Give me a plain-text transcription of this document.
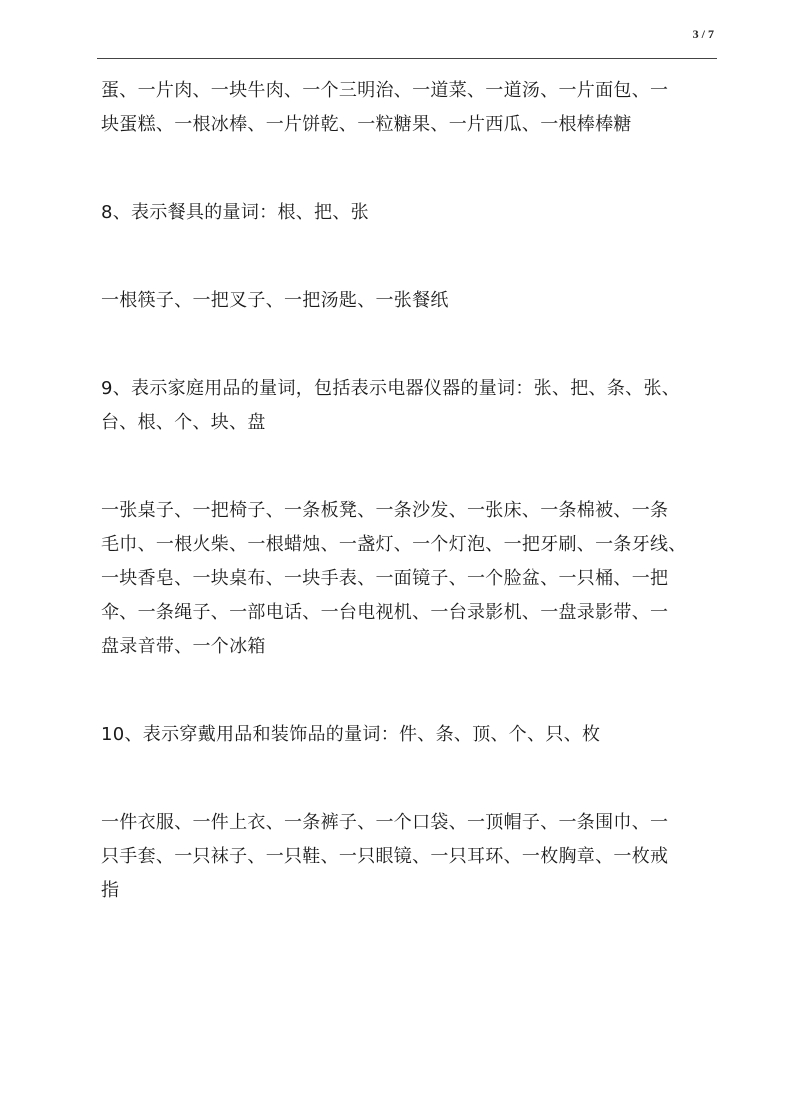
3 / 7
蛋、一片肉、一块牛肉、一个三明治、一道菜、一道汤、一片面包、一
块蛋糕、一根冰棒、一片饼乾、一粒糖果、一片西瓜、一根棒棒糖
8、表示餐具的量词：根、把、张
一根筷子、一把叉子、一把汤匙、一张餐纸
9、表示家庭用品的量词，包括表示电器仪器的量词：张、把、条、张、
台、根、个、块、盘
一张桌子、一把椅子、一条板凳、一条沙发、一张床、一条棉被、一条
毛巾、一根火柴、一根蜡烛、一盏灯、一个灯泡、一把牙刷、一条牙线、
一块香皂、一块桌布、一块手表、一面镜子、一个脸盆、一只桶、一把
伞、一条绳子、一部电话、一台电视机、一台录影机、一盘录影带、一
盘录音带、一个冰箱
10、表示穿戴用品和装饰品的量词：件、条、顶、个、只、枚
一件衣服、一件上衣、一条裤子、一个口袋、一顶帽子、一条围巾、一
只手套、一只袜子、一只鞋、一只眼镜、一只耳环、一枚胸章、一枚戒
指
